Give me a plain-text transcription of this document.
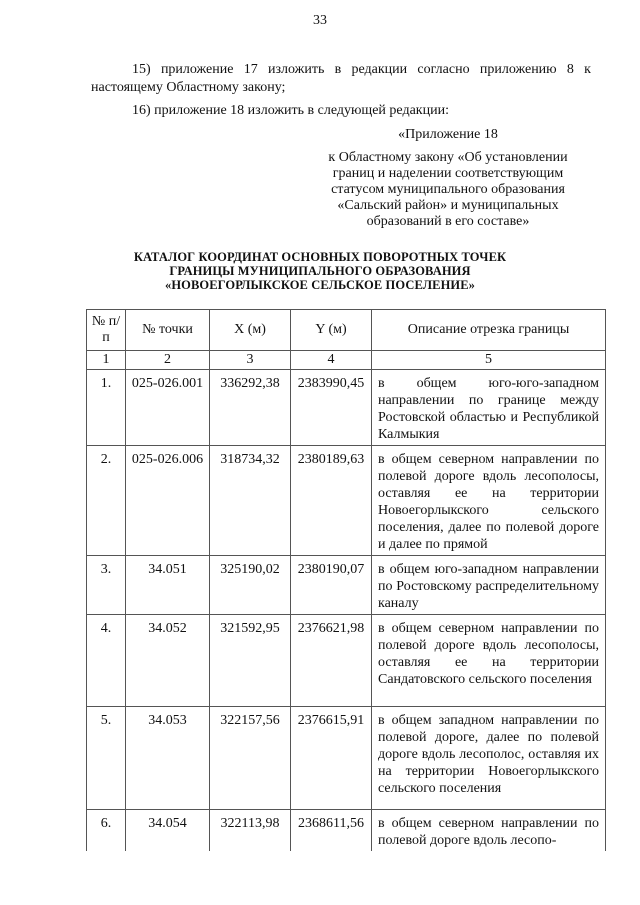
33
15) приложение 17 изложить в редакции согласно приложению 8 к настоящему Областному закону;
16) приложение 18 изложить в следующей редакции:
«Приложение 18
к Областному закону «Об установлении границ и наделении соответствующим статусом муниципального образования «Сальский район» и муниципальных образований в его составе»
КАТАЛОГ КООРДИНАТ ОСНОВНЫХ ПОВОРОТНЫХ ТОЧЕК ГРАНИЦЫ МУНИЦИПАЛЬНОГО ОБРАЗОВАНИЯ «НОВОЕГОРЛЫКСКОЕ СЕЛЬСКОЕ ПОСЕЛЕНИЕ»
№ п/п	№ точки	X (м)	Y (м)	Описание отрезка границы
1	2	3	4	5
1.	025-026.001	336292,38	2383990,45	в общем юго-юго-западном направлении по границе между Ростовской областью и Республикой Калмыкия
2.	025-026.006	318734,32	2380189,63	в общем северном направлении по полевой дороге вдоль лесополосы, оставляя ее на территории Новоегорлыкского сельского поселения, далее по полевой дороге и далее по прямой
3.	34.051	325190,02	2380190,07	в общем юго-западном направлении по Ростовскому распределительному каналу
4.	34.052	321592,95	2376621,98	в общем северном направлении по полевой дороге вдоль лесополосы, оставляя ее на территории Сандатовского сельского поселения
5.	34.053	322157,56	2376615,91	в общем западном направлении по полевой дороге, далее по полевой дороге вдоль лесополос, оставляя их на территории Новоегорлыкского сельского поселения
6.	34.054	322113,98	2368611,56	в общем северном направлении по полевой дороге вдоль лесопо-
